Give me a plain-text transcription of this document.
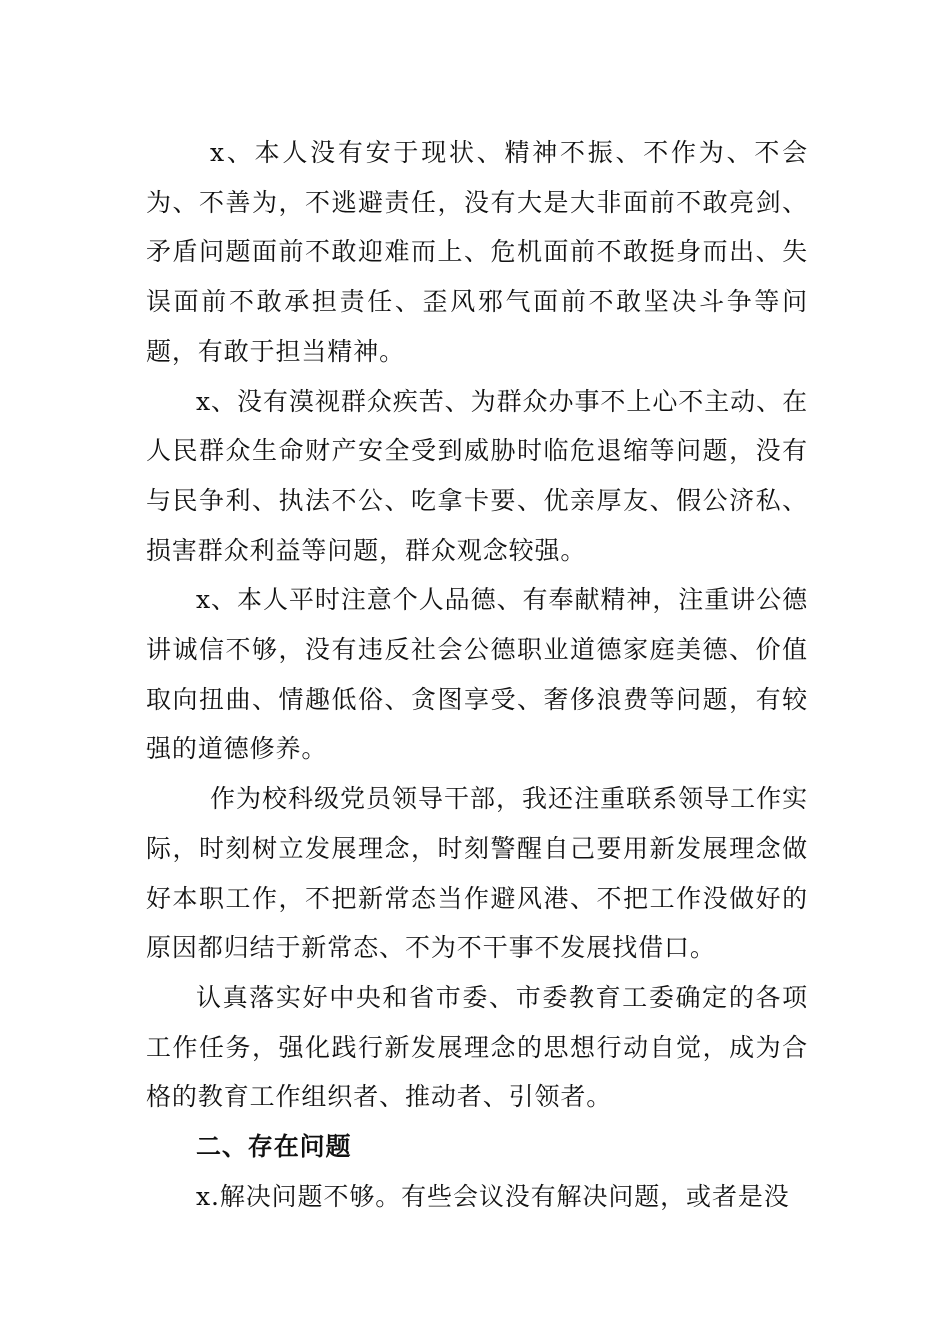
x、本人没有安于现状、精神不振、不作为、不会为、不善为，不逃避责任，没有大是大非面前不敢亮剑、矛盾问题面前不敢迎难而上、危机面前不敢挺身而出、失误面前不敢承担责任、歪风邪气面前不敢坚决斗争等问题，有敢于担当精神。

x、没有漠视群众疾苦、为群众办事不上心不主动、在人民群众生命财产安全受到威胁时临危退缩等问题，没有与民争利、执法不公、吃拿卡要、优亲厚友、假公济私、损害群众利益等问题，群众观念较强。

x、本人平时注意个人品德、有奉献精神，注重讲公德讲诚信不够，没有违反社会公德职业道德家庭美德、价值取向扭曲、情趣低俗、贪图享受、奢侈浪费等问题，有较强的道德修养。

作为校科级党员领导干部，我还注重联系领导工作实际，时刻树立发展理念，时刻警醒自己要用新发展理念做好本职工作，不把新常态当作避风港、不把工作没做好的原因都归结于新常态、不为不干事不发展找借口。

认真落实好中央和省市委、市委教育工委确定的各项工作任务，强化践行新发展理念的思想行动自觉，成为合格的教育工作组织者、推动者、引领者。

二、存在问题

x.解决问题不够。有些会议没有解决问题，或者是没
